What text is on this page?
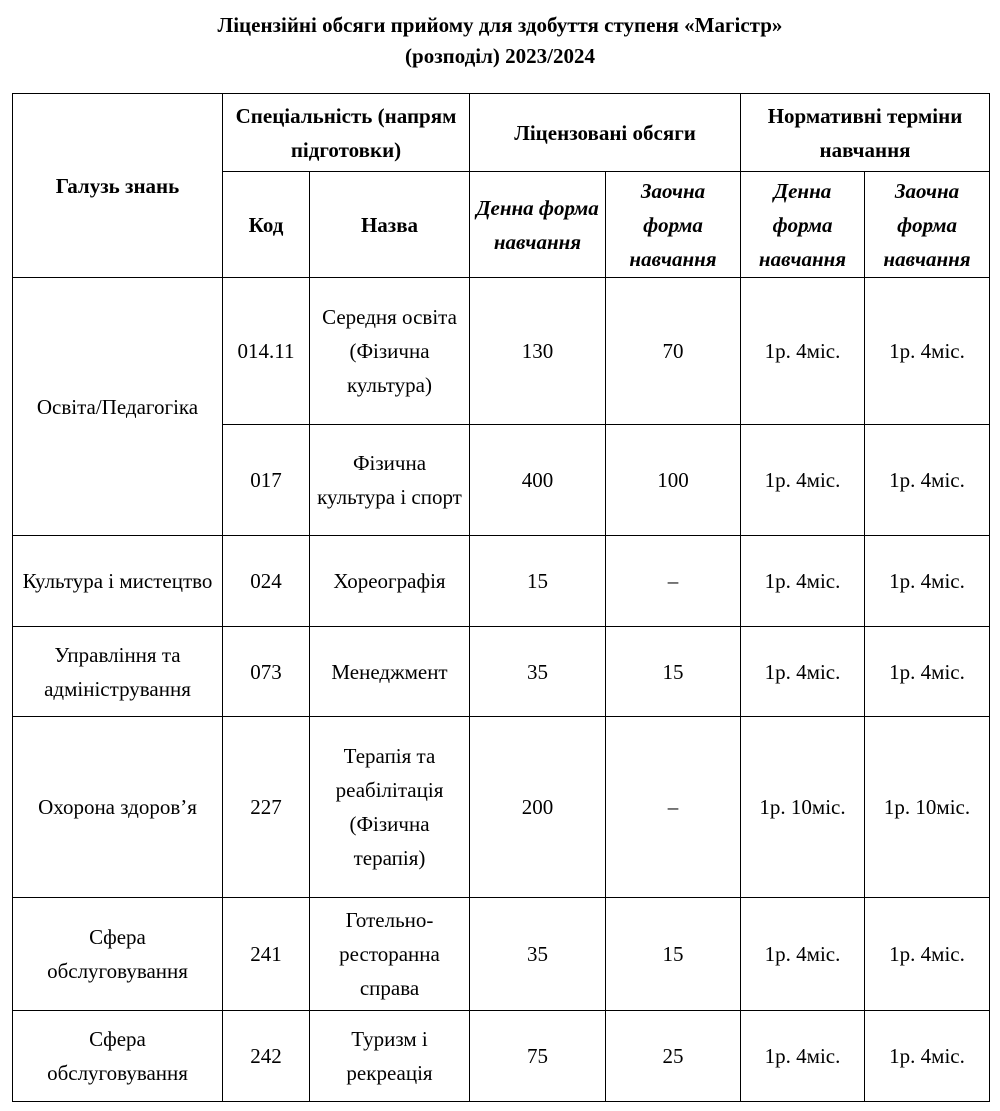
Ліцензійні обсяги прийому для здобуття ступеня «Магістр»
(розподіл) 2023/2024
Галузь знань	Спеціальність (напрям підготовки)		Ліцензовані обсяги		Нормативні терміни навчання	
	Код	Назва	Денна форма навчання	Заочна форма навчання	Денна форма навчання	Заочна форма навчання
Освіта/Педагогіка	014.11	Середня освіта (Фізична культура)	130	70	1р. 4міс.	1р. 4міс.
	017	Фізична культура і спорт	400	100	1р. 4міс.	1р. 4міс.
Культура і мистецтво	024	Хореографія	15	–	1р. 4міс.	1р. 4міс.
Управління та адміністрування	073	Менеджмент	35	15	1р. 4міс.	1р. 4міс.
Охорона здоров’я	227	Терапія та реабілітація (Фізична терапія)	200	–	1р. 10міс.	1р. 10міс.
Сфера обслуговування	241	Готельно-ресторанна справа	35	15	1р. 4міс.	1р. 4міс.
Сфера обслуговування	242	Туризм і рекреація	75	25	1р. 4міс.	1р. 4міс.
